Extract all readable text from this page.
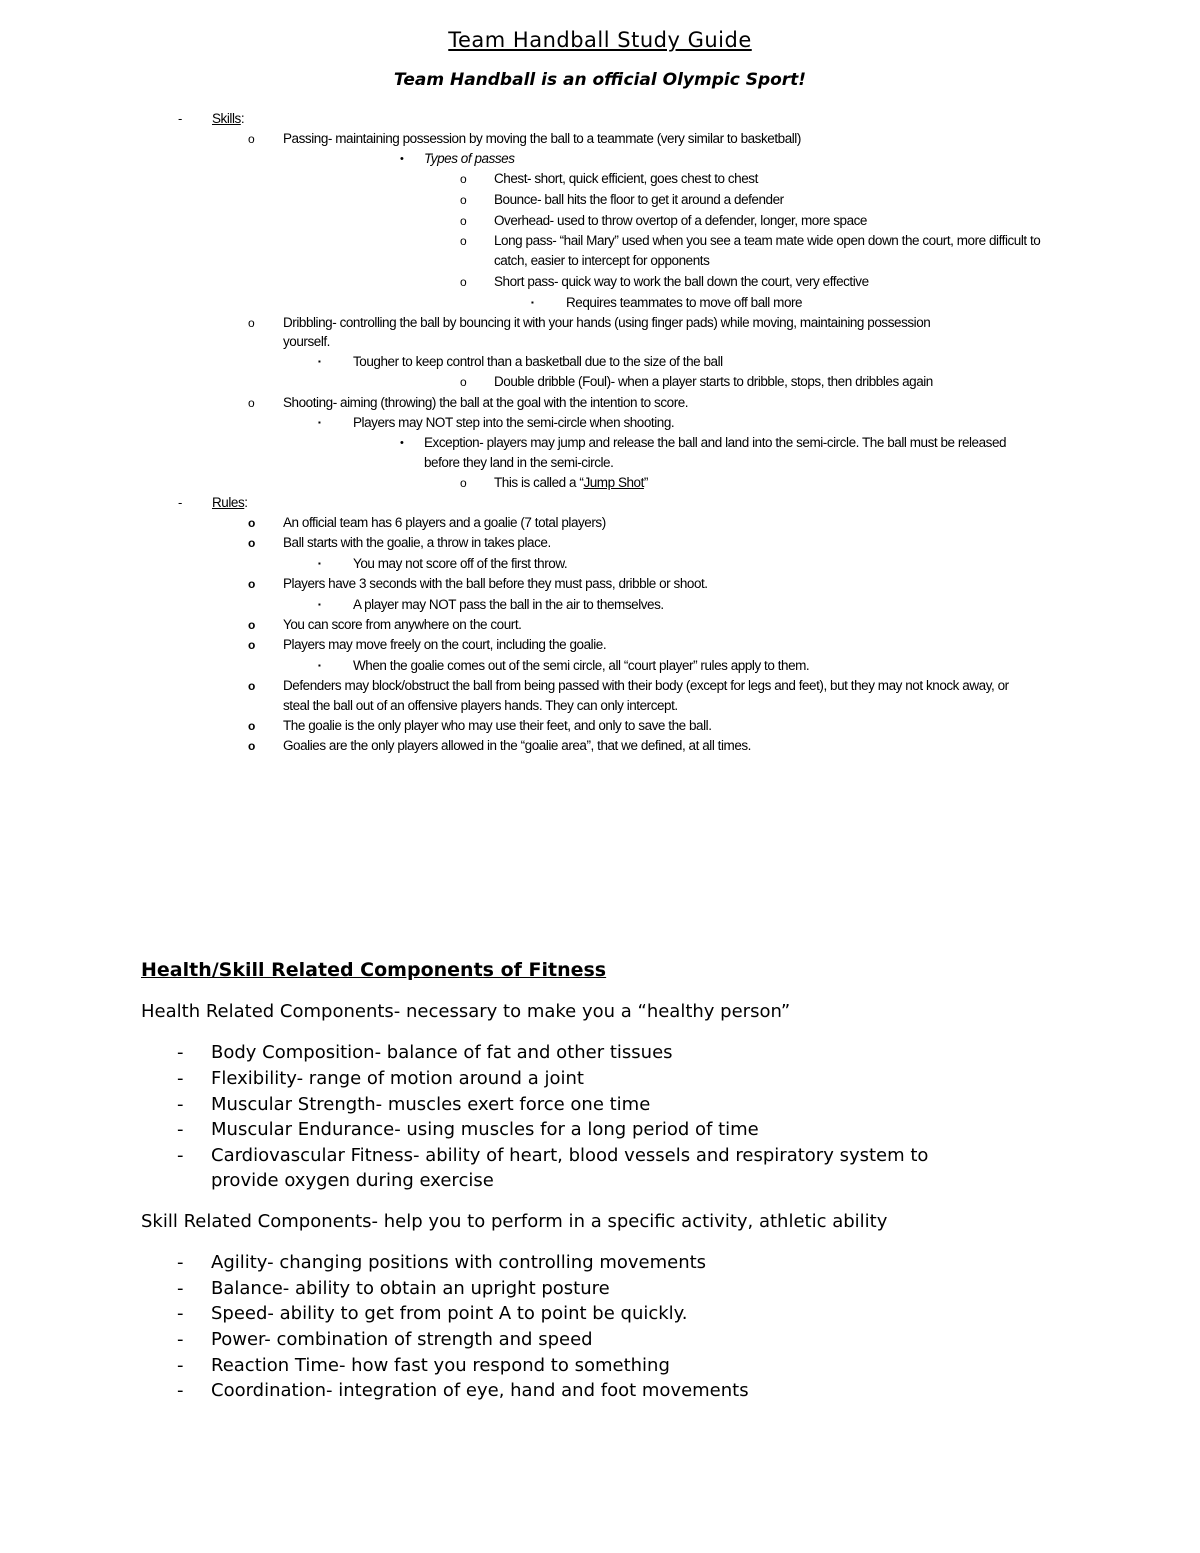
Team Handball Study Guide
Team Handball is an official Olympic Sport!
- Skills:
o Passing- maintaining possession by moving the ball to a teammate (very similar to basketball)
• Types of passes
o Chest- short, quick efficient, goes chest to chest
o Bounce- ball hits the floor to get it around a defender
o Overhead- used to throw overtop of a defender, longer, more space
o Long pass- “hail Mary” used when you see a team mate wide open down the court, more difficult to
catch, easier to intercept for opponents
o Short pass- quick way to work the ball down the court, very effective
▪ Requires teammates to move off ball more
o Dribbling- controlling the ball by bouncing it with your hands (using finger pads) while moving, maintaining possession
yourself.
▪ Tougher to keep control than a basketball due to the size of the ball
o Double dribble (Foul)- when a player starts to dribble, stops, then dribbles again
o Shooting- aiming (throwing) the ball at the goal with the intention to score.
▪ Players may NOT step into the semi-circle when shooting.
• Exception- players may jump and release the ball and land into the semi-circle. The ball must be released
before they land in the semi-circle.
o This is called a “Jump Shot”
- Rules:
o An official team has 6 players and a goalie (7 total players)
o Ball starts with the goalie, a throw in takes place.
▪ You may not score off of the first throw.
o Players have 3 seconds with the ball before they must pass, dribble or shoot.
▪ A player may NOT pass the ball in the air to themselves.
o You can score from anywhere on the court.
o Players may move freely on the court, including the goalie.
▪ When the goalie comes out of the semi circle, all “court player” rules apply to them.
o Defenders may block/obstruct the ball from being passed with their body (except for legs and feet), but they may not knock away, or
steal the ball out of an offensive players hands. They can only intercept.
o The goalie is the only player who may use their feet, and only to save the ball.
o Goalies are the only players allowed in the “goalie area”, that we defined, at all times.
Health/Skill Related Components of Fitness
Health Related Components- necessary to make you a “healthy person”
- Body Composition- balance of fat and other tissues
- Flexibility- range of motion around a joint
- Muscular Strength- muscles exert force one time
- Muscular Endurance- using muscles for a long period of time
- Cardiovascular Fitness- ability of heart, blood vessels and respiratory system to
provide oxygen during exercise
Skill Related Components- help you to perform in a specific activity, athletic ability
- Agility- changing positions with controlling movements
- Balance- ability to obtain an upright posture
- Speed- ability to get from point A to point be quickly.
- Power- combination of strength and speed
- Reaction Time- how fast you respond to something
- Coordination- integration of eye, hand and foot movements
